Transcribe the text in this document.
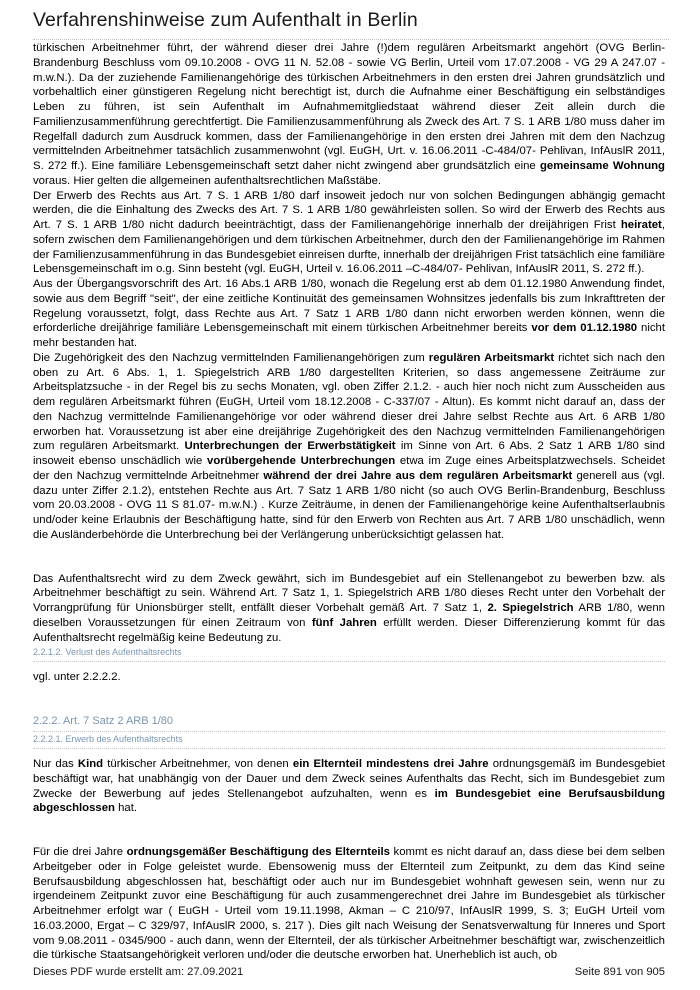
Verfahrenshinweise zum Aufenthalt in Berlin

türkischen Arbeitnehmer führt, der während dieser drei Jahre (!)dem regulären Arbeitsmarkt angehört (OVG Berlin-Brandenburg Beschluss vom 09.10.2008 - OVG 11 N. 52.08 - sowie VG Berlin, Urteil vom 17.07.2008 - VG 29 A 247.07 - m.w.N.). Da der zuziehende Familienangehörige des türkischen Arbeitnehmers in den ersten drei Jahren grundsätzlich und vorbehaltlich einer günstigeren Regelung nicht berechtigt ist, durch die Aufnahme einer Beschäftigung ein selbständiges Leben zu führen, ist sein Aufenthalt im Aufnahmemitgliedstaat während dieser Zeit allein durch die Familienzusammenführung gerechtfertigt. Die Familienzusammenführung als Zweck des Art. 7 S. 1 ARB 1/80 muss daher im Regelfall dadurch zum Ausdruck kommen, dass der Familienangehörige in den ersten drei Jahren mit dem den Nachzug vermittelnden Arbeitnehmer tatsächlich zusammenwohnt (vgl. EuGH, Urt. v. 16.06.2011 -C-484/07- Pehlivan, InfAuslR 2011, S. 272 ff.). Eine familiäre Lebensgemeinschaft setzt daher nicht zwingend aber grundsätzlich eine gemeinsame Wohnung voraus. Hier gelten die allgemeinen aufenthaltsrechtlichen Maßstäbe.

Der Erwerb des Rechts aus Art. 7 S. 1 ARB 1/80 darf insoweit jedoch nur von solchen Bedingungen abhängig gemacht werden, die die Einhaltung des Zwecks des Art. 7 S. 1 ARB 1/80 gewährleisten sollen. So wird der Erwerb des Rechts aus Art. 7 S. 1 ARB 1/80 nicht dadurch beeinträchtigt, dass der Familienangehörige innerhalb der dreijährigen Frist heiratet, sofern zwischen dem Familienangehörigen und dem türkischen Arbeitnehmer, durch den der Familienangehörige im Rahmen der Familienzusammenführung in das Bundesgebiet einreisen durfte, innerhalb der dreijährigen Frist tatsächlich eine familiäre Lebensgemeinschaft im o.g. Sinn besteht (vgl. EuGH, Urteil v. 16.06.2011 –C-484/07- Pehlivan, InfAuslR 2011, S. 272 ff.).

Aus der Übergangsvorschrift des Art. 16 Abs.1 ARB 1/80, wonach die Regelung erst ab dem 01.12.1980 Anwendung findet, sowie aus dem Begriff "seit", der eine zeitliche Kontinuität des gemeinsamen Wohnsitzes jedenfalls bis zum Inkrafttreten der Regelung voraussetzt, folgt, dass Rechte aus Art. 7 Satz 1 ARB 1/80 dann nicht erworben werden können, wenn die erforderliche dreijährige familiäre Lebensgemeinschaft mit einem türkischen Arbeitnehmer bereits vor dem 01.12.1980 nicht mehr bestanden hat.

Die Zugehörigkeit des den Nachzug vermittelnden Familienangehörigen zum regulären Arbeitsmarkt richtet sich nach den oben zu Art. 6 Abs. 1, 1. Spiegelstrich ARB 1/80 dargestellten Kriterien, so dass angemessene Zeiträume zur Arbeitsplatzsuche - in der Regel bis zu sechs Monaten, vgl. oben Ziffer 2.1.2. - auch hier noch nicht zum Ausscheiden aus dem regulären Arbeitsmarkt führen (EuGH, Urteil vom 18.12.2008 - C-337/07 - Altun). Es kommt nicht darauf an, dass der den Nachzug vermittelnde Familienangehörige vor oder während dieser drei Jahre selbst Rechte aus Art. 6 ARB 1/80 erworben hat. Voraussetzung ist aber eine dreijährige Zugehörigkeit des den Nachzug vermittelnden Familienangehörigen zum regulären Arbeitsmarkt. Unterbrechungen der Erwerbstätigkeit im Sinne von Art. 6 Abs. 2 Satz 1 ARB 1/80 sind insoweit ebenso unschädlich wie vorübergehende Unterbrechungen etwa im Zuge eines Arbeitsplatzwechsels. Scheidet der den Nachzug vermittelnde Arbeitnehmer während der drei Jahre aus dem regulären Arbeitsmarkt generell aus (vgl. dazu unter Ziffer 2.1.2), entstehen Rechte aus Art. 7 Satz 1 ARB 1/80 nicht (so auch OVG Berlin-Brandenburg, Beschluss vom 20.03.2008 - OVG 11 S 81.07- m.w.N.) . Kurze Zeiträume, in denen der Familienangehörige keine Aufenthaltserlaubnis und/oder keine Erlaubnis der Beschäftigung hatte, sind für den Erwerb von Rechten aus Art. 7 ARB 1/80 unschädlich, wenn die Ausländerbehörde die Unterbrechung bei der Verlängerung unberücksichtigt gelassen hat.

Das Aufenthaltsrecht wird zu dem Zweck gewährt, sich im Bundesgebiet auf ein Stellenangebot zu bewerben bzw. als Arbeitnehmer beschäftigt zu sein. Während Art. 7 Satz 1, 1. Spiegelstrich ARB 1/80 dieses Recht unter den Vorbehalt der Vorrangprüfung für Unionsbürger stellt, entfällt dieser Vorbehalt gemäß Art. 7 Satz 1, 2. Spiegelstrich ARB 1/80, wenn dieselben Voraussetzungen für einen Zeitraum von fünf Jahren erfüllt werden. Dieser Differenzierung kommt für das Aufenthaltsrecht regelmäßig keine Bedeutung zu.

2.2.1.2. Verlust des Aufenthaltsrechts

vgl. unter 2.2.2.2.

2.2.2. Art. 7 Satz 2 ARB 1/80
2.2.2.1. Erwerb des Aufenthaltsrechts

Nur das Kind türkischer Arbeitnehmer, von denen ein Elternteil mindestens drei Jahre ordnungsgemäß im Bundesgebiet beschäftigt war, hat unabhängig von der Dauer und dem Zweck seines Aufenthalts das Recht, sich im Bundesgebiet zum Zwecke der Bewerbung auf jedes Stellenangebot aufzuhalten, wenn es im Bundesgebiet eine Berufsausbildung abgeschlossen hat.

Für die drei Jahre ordnungsgemäßer Beschäftigung des Elternteils kommt es nicht darauf an, dass diese bei dem selben Arbeitgeber oder in Folge geleistet wurde. Ebensowenig muss der Elternteil zum Zeitpunkt, zu dem das Kind seine Berufsausbildung abgeschlossen hat, beschäftigt oder auch nur im Bundesgebiet wohnhaft gewesen sein, wenn nur zu irgendeinem Zeitpunkt zuvor eine Beschäftigung für auch zusammengerechnet drei Jahre im Bundesgebiet als türkischer Arbeitnehmer erfolgt war ( EuGH - Urteil vom 19.11.1998, Akman – C 210/97, InfAuslR 1999, S. 3; EuGH Urteil vom 16.03.2000, Ergat – C 329/97, InfAuslR 2000, s. 217 ). Dies gilt nach Weisung der Senatsverwaltung für Inneres und Sport vom 9.08.2011 - 0345/900 - auch dann, wenn der Elternteil, der als türkischer Arbeitnehmer beschäftigt war, zwischenzeitlich die türkische Staatsangehörigkeit verloren und/oder die deutsche erworben hat. Unerheblich ist auch, ob

Dieses PDF wurde erstellt am: 27.09.2021	Seite 891 von 905
